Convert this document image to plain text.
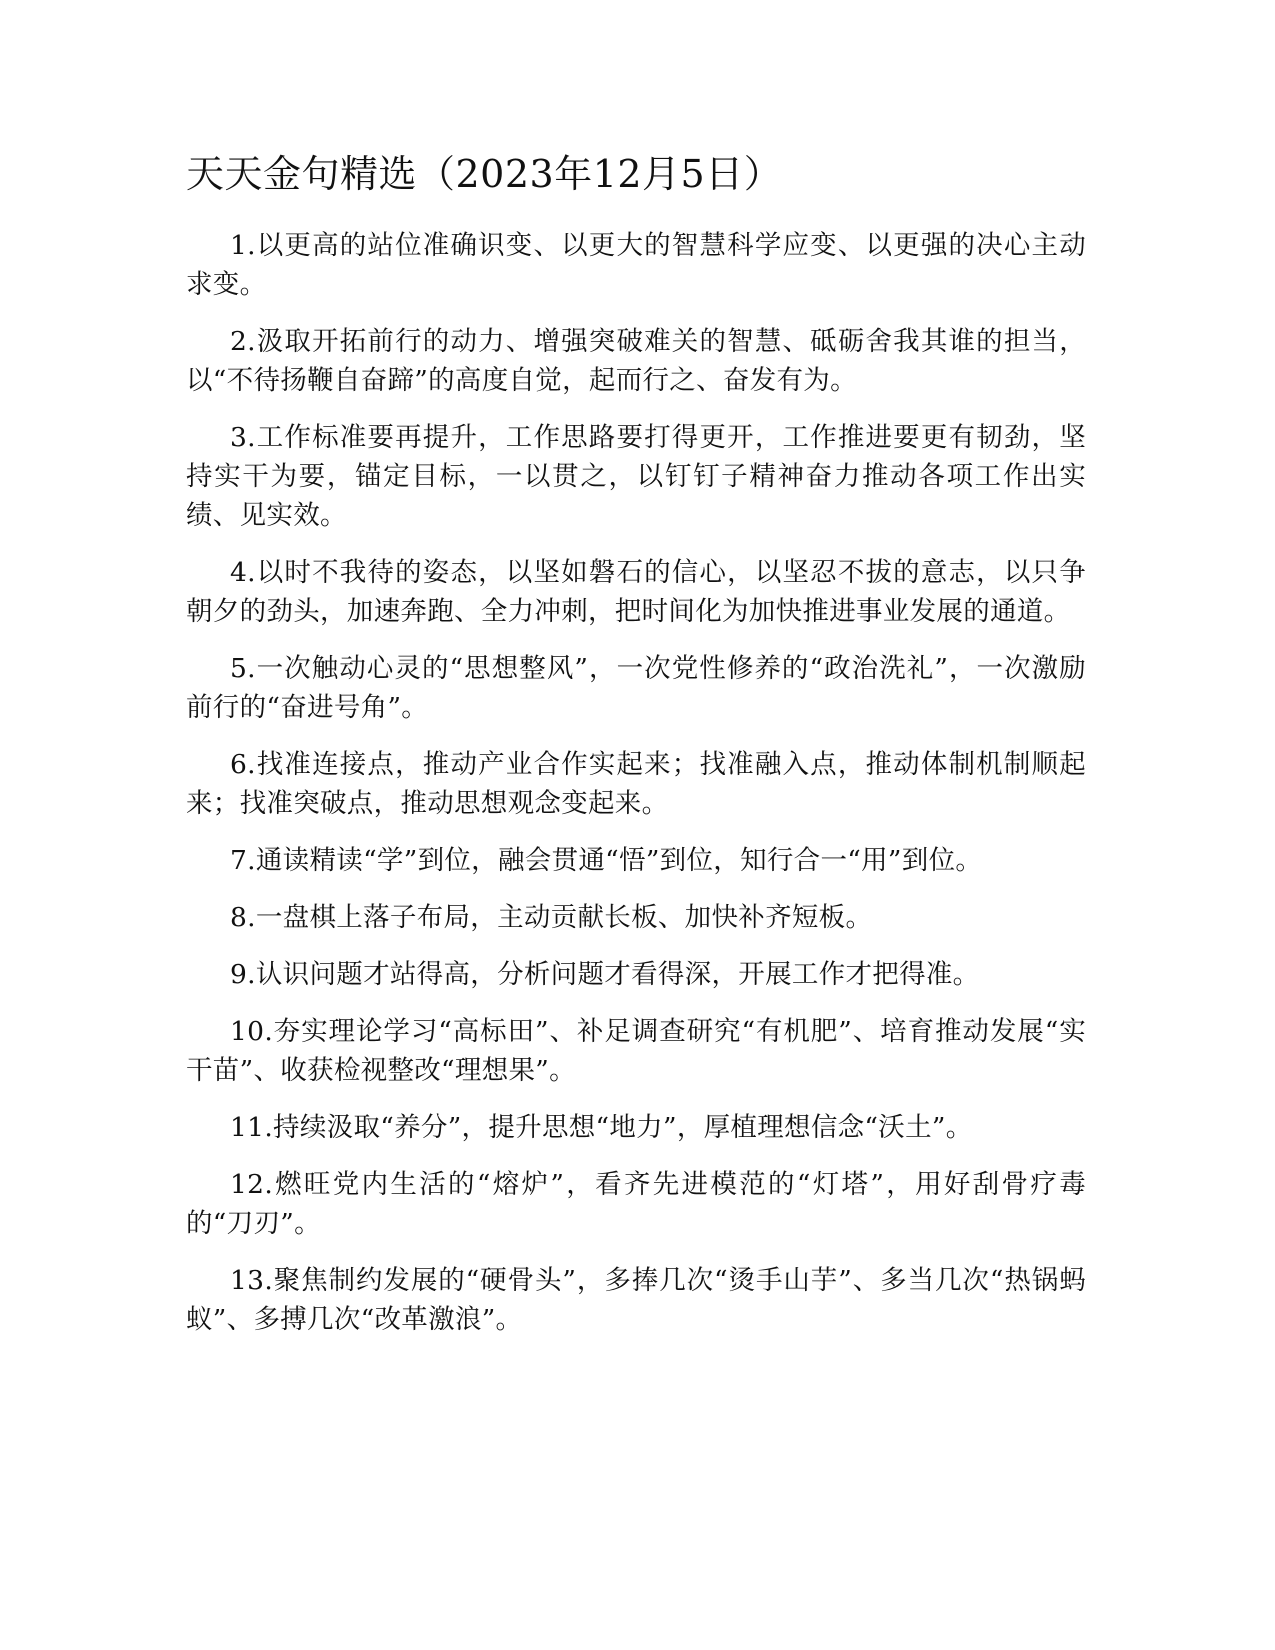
天天金句精选（2023年12月5日）
1.以更高的站位准确识变、以更大的智慧科学应变、以更强的决心主动求变。
2.汲取开拓前行的动力、增强突破难关的智慧、砥砺舍我其谁的担当，以“不待扬鞭自奋蹄”的高度自觉，起而行之、奋发有为。
3.工作标准要再提升，工作思路要打得更开，工作推进要更有韧劲，坚持实干为要，锚定目标，一以贯之，以钉钉子精神奋力推动各项工作出实绩、见实效。
4.以时不我待的姿态，以坚如磐石的信心，以坚忍不拔的意志，以只争朝夕的劲头，加速奔跑、全力冲刺，把时间化为加快推进事业发展的通道。
5.一次触动心灵的“思想整风”，一次党性修养的“政治洗礼”，一次激励前行的“奋进号角”。
6.找准连接点，推动产业合作实起来；找准融入点，推动体制机制顺起来；找准突破点，推动思想观念变起来。
7.通读精读“学”到位，融会贯通“悟”到位，知行合一“用”到位。
8.一盘棋上落子布局，主动贡献长板、加快补齐短板。
9.认识问题才站得高，分析问题才看得深，开展工作才把得准。
10.夯实理论学习“高标田”、补足调查研究“有机肥”、培育推动发展“实干苗”、收获检视整改“理想果”。
11.持续汲取“养分”，提升思想“地力”，厚植理想信念“沃土”。
12.燃旺党内生活的“熔炉”，看齐先进模范的“灯塔”，用好刮骨疗毒的“刀刃”。
13.聚焦制约发展的“硬骨头”，多捧几次“烫手山芋”、多当几次“热锅蚂蚁”、多搏几次“改革激浪”。
